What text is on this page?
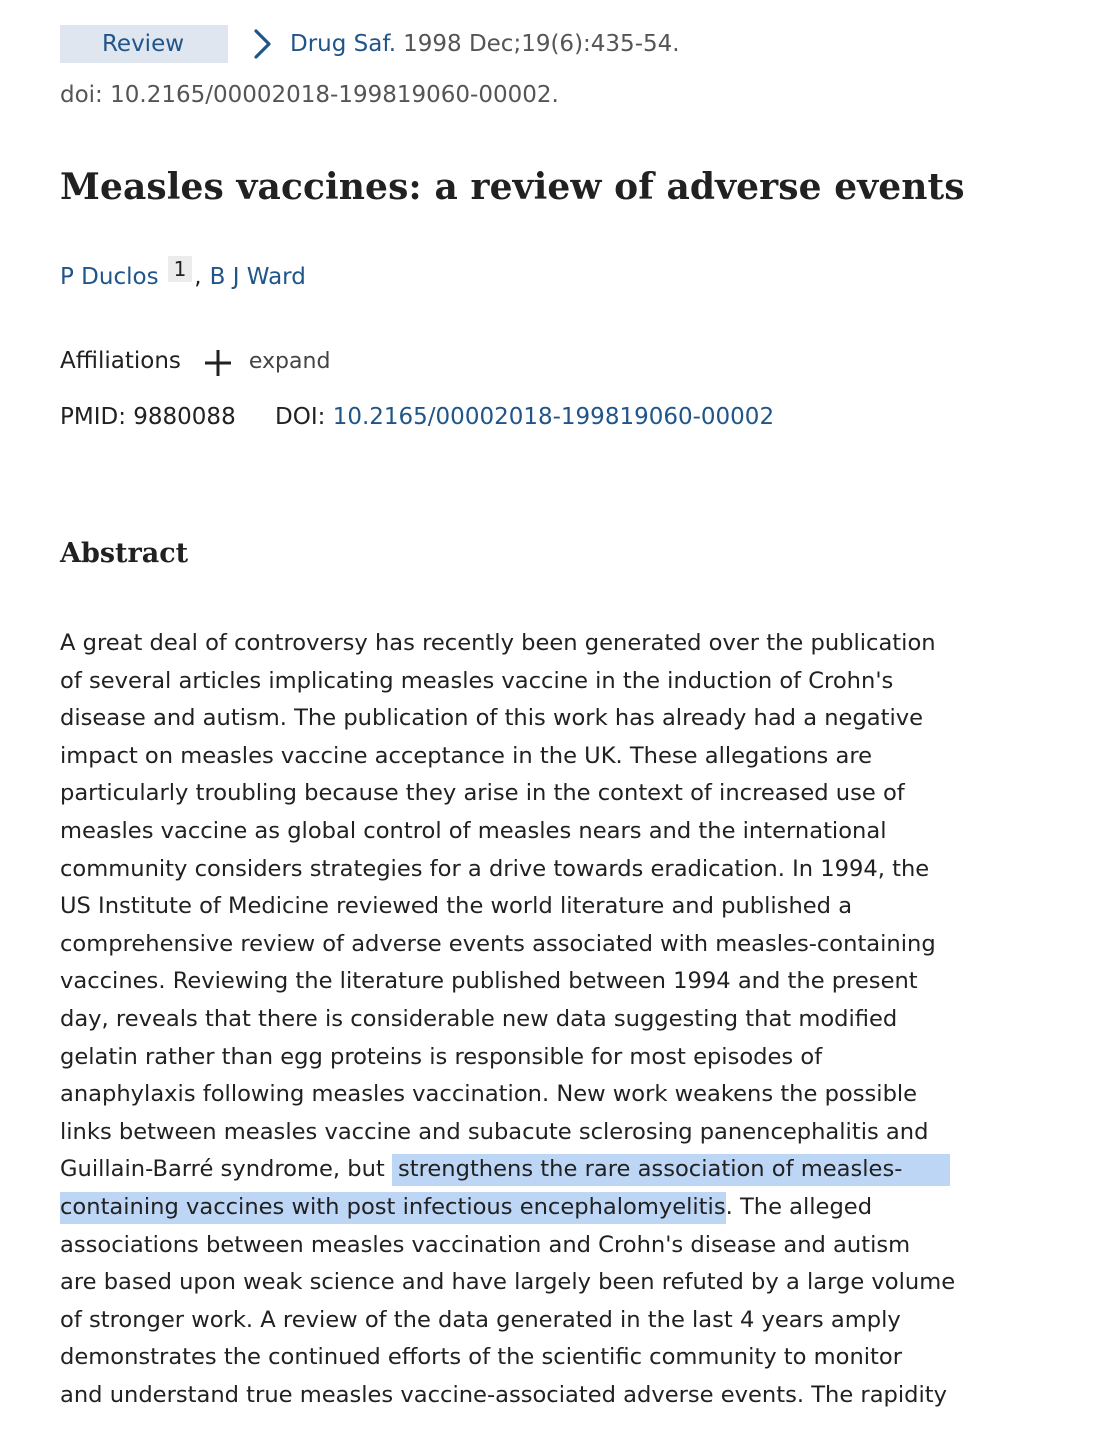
Review	Drug Saf. 1998 Dec;19(6):435-54.
doi: 10.2165/00002018-199819060-00002.
Measles vaccines: a review of adverse events
P Duclos 1 , B J Ward
Affiliations	expand
PMID: 9880088 DOI: 10.2165/00002018-199819060-00002
Abstract
A great deal of controversy has recently been generated over the publication
of several articles implicating measles vaccine in the induction of Crohn's
disease and autism. The publication of this work has already had a negative
impact on measles vaccine acceptance in the UK. These allegations are
particularly troubling because they arise in the context of increased use of
measles vaccine as global control of measles nears and the international
community considers strategies for a drive towards eradication. In 1994, the
US Institute of Medicine reviewed the world literature and published a
comprehensive review of adverse events associated with measles-containing
vaccines. Reviewing the literature published between 1994 and the present
day, reveals that there is considerable new data suggesting that modified
gelatin rather than egg proteins is responsible for most episodes of
anaphylaxis following measles vaccination. New work weakens the possible
links between measles vaccine and subacute sclerosing panencephalitis and
Guillain-Barré syndrome, but strengthens the rare association of measles-
containing vaccines with post infectious encephalomyelitis. The alleged
associations between measles vaccination and Crohn's disease and autism
are based upon weak science and have largely been refuted by a large volume
of stronger work. A review of the data generated in the last 4 years amply
demonstrates the continued efforts of the scientific community to monitor
and understand true measles vaccine-associated adverse events. The rapidity
